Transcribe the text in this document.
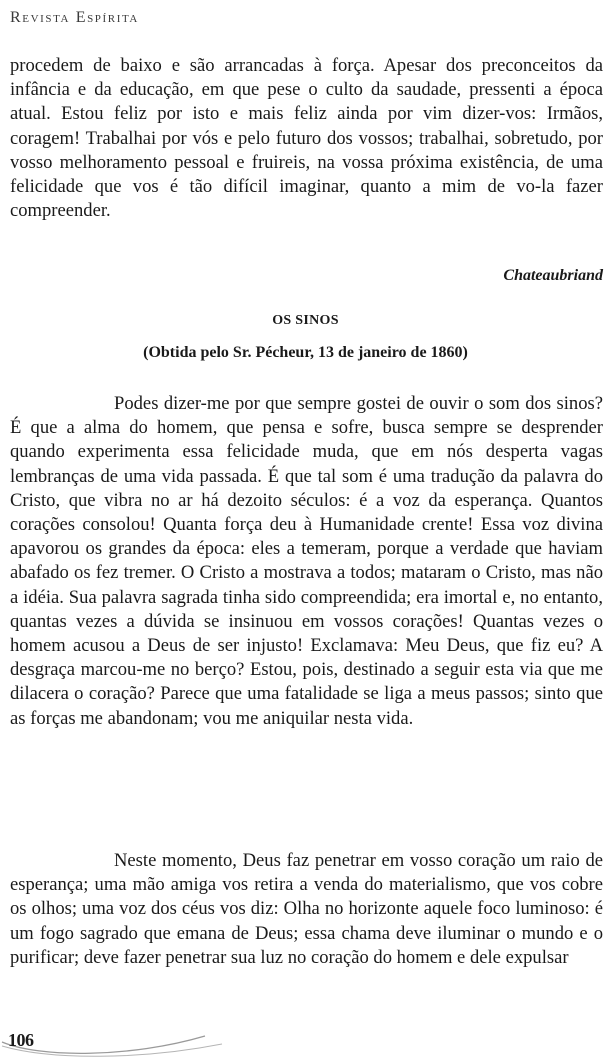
Revista Espírita
procedem de baixo e são arrancadas à força. Apesar dos preconceitos da infância e da educação, em que pese o culto da saudade, pressenti a época atual. Estou feliz por isto e mais feliz ainda por vim dizer-vos: Irmãos, coragem! Trabalhai por vós e pelo futuro dos vossos; trabalhai, sobretudo, por vosso melhoramento pessoal e fruireis, na vossa próxima existência, de uma felicidade que vos é tão difícil imaginar, quanto a mim de vo-la fazer compreender.
Chateaubriand
OS SINOS
(Obtida pelo Sr. Pécheur, 13 de janeiro de 1860)
Podes dizer-me por que sempre gostei de ouvir o som dos sinos? É que a alma do homem, que pensa e sofre, busca sempre se desprender quando experimenta essa felicidade muda, que em nós desperta vagas lembranças de uma vida passada. É que tal som é uma tradução da palavra do Cristo, que vibra no ar há dezoito séculos: é a voz da esperança. Quantos corações consolou! Quanta força deu à Humanidade crente! Essa voz divina apavorou os grandes da época: eles a temeram, porque a verdade que haviam abafado os fez tremer. O Cristo a mostrava a todos; mataram o Cristo, mas não a idéia. Sua palavra sagrada tinha sido compreendida; era imortal e, no entanto, quantas vezes a dúvida se insinuou em vossos corações! Quantas vezes o homem acusou a Deus de ser injusto! Exclamava: Meu Deus, que fiz eu? A desgraça marcou-me no berço? Estou, pois, destinado a seguir esta via que me dilacera o coração? Parece que uma fatalidade se liga a meus passos; sinto que as forças me abandonam; vou me aniquilar nesta vida.
Neste momento, Deus faz penetrar em vosso coração um raio de esperança; uma mão amiga vos retira a venda do materialismo, que vos cobre os olhos; uma voz dos céus vos diz: Olha no horizonte aquele foco luminoso: é um fogo sagrado que emana de Deus; essa chama deve iluminar o mundo e o purificar; deve fazer penetrar sua luz no coração do homem e dele expulsar
106
